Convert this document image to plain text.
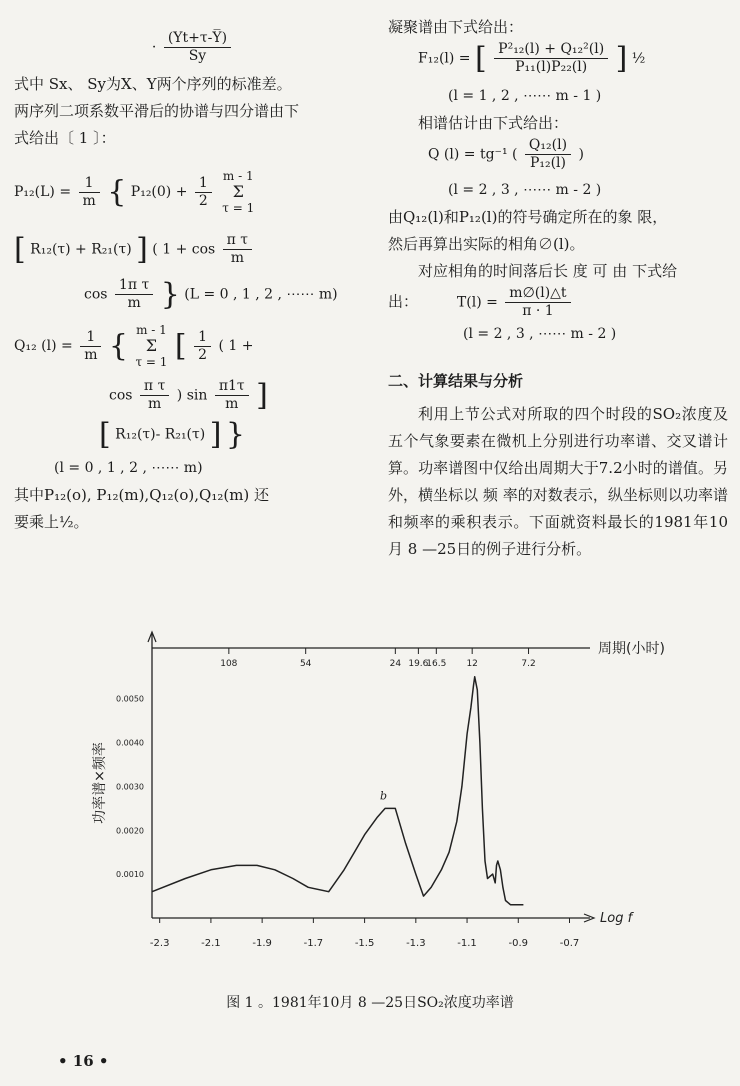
· $\frac{(Yt+\tau-Y̅)}{Sy}$
式中 Sx、 Sy为X、Y两个序列的标准差。
两序列二项系数平滑后的协谱与四分谱由下
式给出〔 1 〕：
$P_{12}(L) = \frac{1}{m}$ { $P_{12}(0) + \frac{1}{2}$
m - 1
Σ
τ = 1
[ R₁₂(τ) + R₂₁(τ) ] ( $1 + \cos \frac{\text{π τ}}{m}$
$\cos \frac{\text{1π τ}}{m}$ } (L = 0 , 1 , 2 , ⋯⋯ m)
Q₁₂ $(l) = \frac{1}{m}$ { m - 1
Σ
τ = 1 [ $\frac{1}{2}$ ( 1 +
$\cos \frac{\text{π τ}}{m}$ ) $\sin \frac{\pi 1\tau}{m}$ ]
[ R₁₂(τ)- R₂₁(τ) ] }
(l = 0 , 1 , 2 , ⋯⋯ m)
其中P₁₂(o), P₁₂(m),Q₁₂(o),Q₁₂(m) 还
要乘上½。
凝聚谱由下式给出：
F₁₂(l) = [ $\frac{\text{P²₁₂(l) + Q₁₂²(l)}}{\text{P₁₁(l)P₂₂(l)}}$ ] ½
(l = 1 , 2 , ⋯⋯ m - 1 )
相谱估计由下式给出：
Q (l) = tg⁻¹ ( $\frac{\text{Q₁₂(l)}}{\text{P₁₂(l)}}$ )
(l = 2 , 3 , ⋯⋯ m - 2 )
由Q₁₂(l)和P₁₂(l)的符号确定所在的象 限，
然后再算出实际的相角∅(l)。
对应相角的时间落后长 度 可 由 下式给
出：	$T(l) = \frac{m\emptyset(l)\triangle t}{\pi \cdot 1}$
(l = 2 , 3 , ⋯⋯ m - 2 )
二、计算结果与分析
利用上节公式对所取的四个时段的SO₂浓度及五个气象要素在微机上分别进行功率谱、交叉谱计算。功率谱图中仅给出周期大于7.2小时的谱值。另外，横坐标以 频 率的对数表示，纵坐标则以功率谱和频率的乘积表示。下面就资料最长的1981年10月 8 —25日的例子进行分析。
108	54	24 19.6
16.5 12	7.2
周期(小时)
-2.3	-2.1	-1.9	-1.7	-1.5	-1.3	-1.1	-0.9	-0.7
Log f
0.0010
0.0020
0.0030
0.0040
0.0050
功率谱×频率	b
图 1 。1981年10月 8 —25日SO₂浓度功率谱
• 16 •
